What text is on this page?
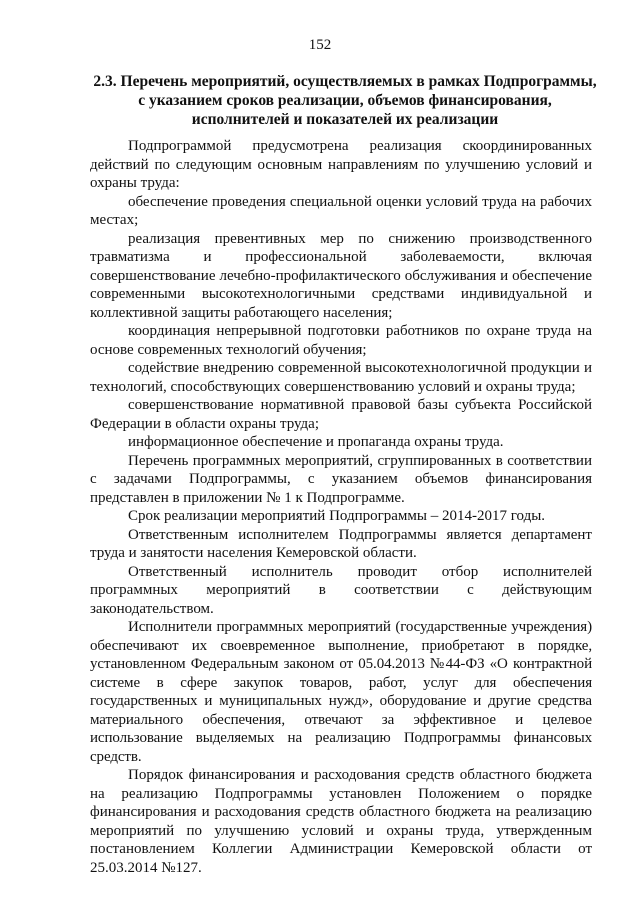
152
2.3. Перечень мероприятий, осуществляемых в рамках Подпрограммы,
с указанием сроков реализации, объемов финансирования,
исполнителей и показателей их реализации

Подпрограммой предусмотрена реализация скоординированных действий по следующим основным направлениям по улучшению условий и охраны труда:

обеспечение проведения специальной оценки условий труда на рабочих местах;

реализация превентивных мер по снижению производственного травматизма и профессиональной заболеваемости, включая совершенствование лечебно-профилактического обслуживания и обеспечение современными высокотехнологичными средствами индивидуальной и коллективной защиты работающего населения;

координация непрерывной подготовки работников по охране труда на основе современных технологий обучения;

содействие внедрению современной высокотехнологичной продукции и технологий, способствующих совершенствованию условий и охраны труда;

совершенствование нормативной правовой базы субъекта Российской Федерации в области охраны труда;

информационное обеспечение и пропаганда охраны труда.

Перечень программных мероприятий, сгруппированных в соответствии с задачами Подпрограммы, с указанием объемов финансирования представлен в приложении № 1 к Подпрограмме.

Срок реализации мероприятий Подпрограммы – 2014-2017 годы.

Ответственным исполнителем Подпрограммы является департамент труда и занятости населения Кемеровской области.

Ответственный исполнитель проводит отбор исполнителей программных мероприятий в соответствии с действующим законодательством.

Исполнители программных мероприятий (государственные учреждения) обеспечивают их своевременное выполнение, приобретают в порядке, установленном Федеральным законом от 05.04.2013 №44-ФЗ «О контрактной системе в сфере закупок товаров, работ, услуг для обеспечения государственных и муниципальных нужд», оборудование и другие средства материального обеспечения, отвечают за эффективное и целевое использование выделяемых на реализацию Подпрограммы финансовых средств.

Порядок финансирования и расходования средств областного бюджета на реализацию Подпрограммы установлен Положением о порядке финансирования и расходования средств областного бюджета на реализацию мероприятий по улучшению условий и охраны труда, утвержденным постановлением Коллегии Администрации Кемеровской области от 25.03.2014 №127.
